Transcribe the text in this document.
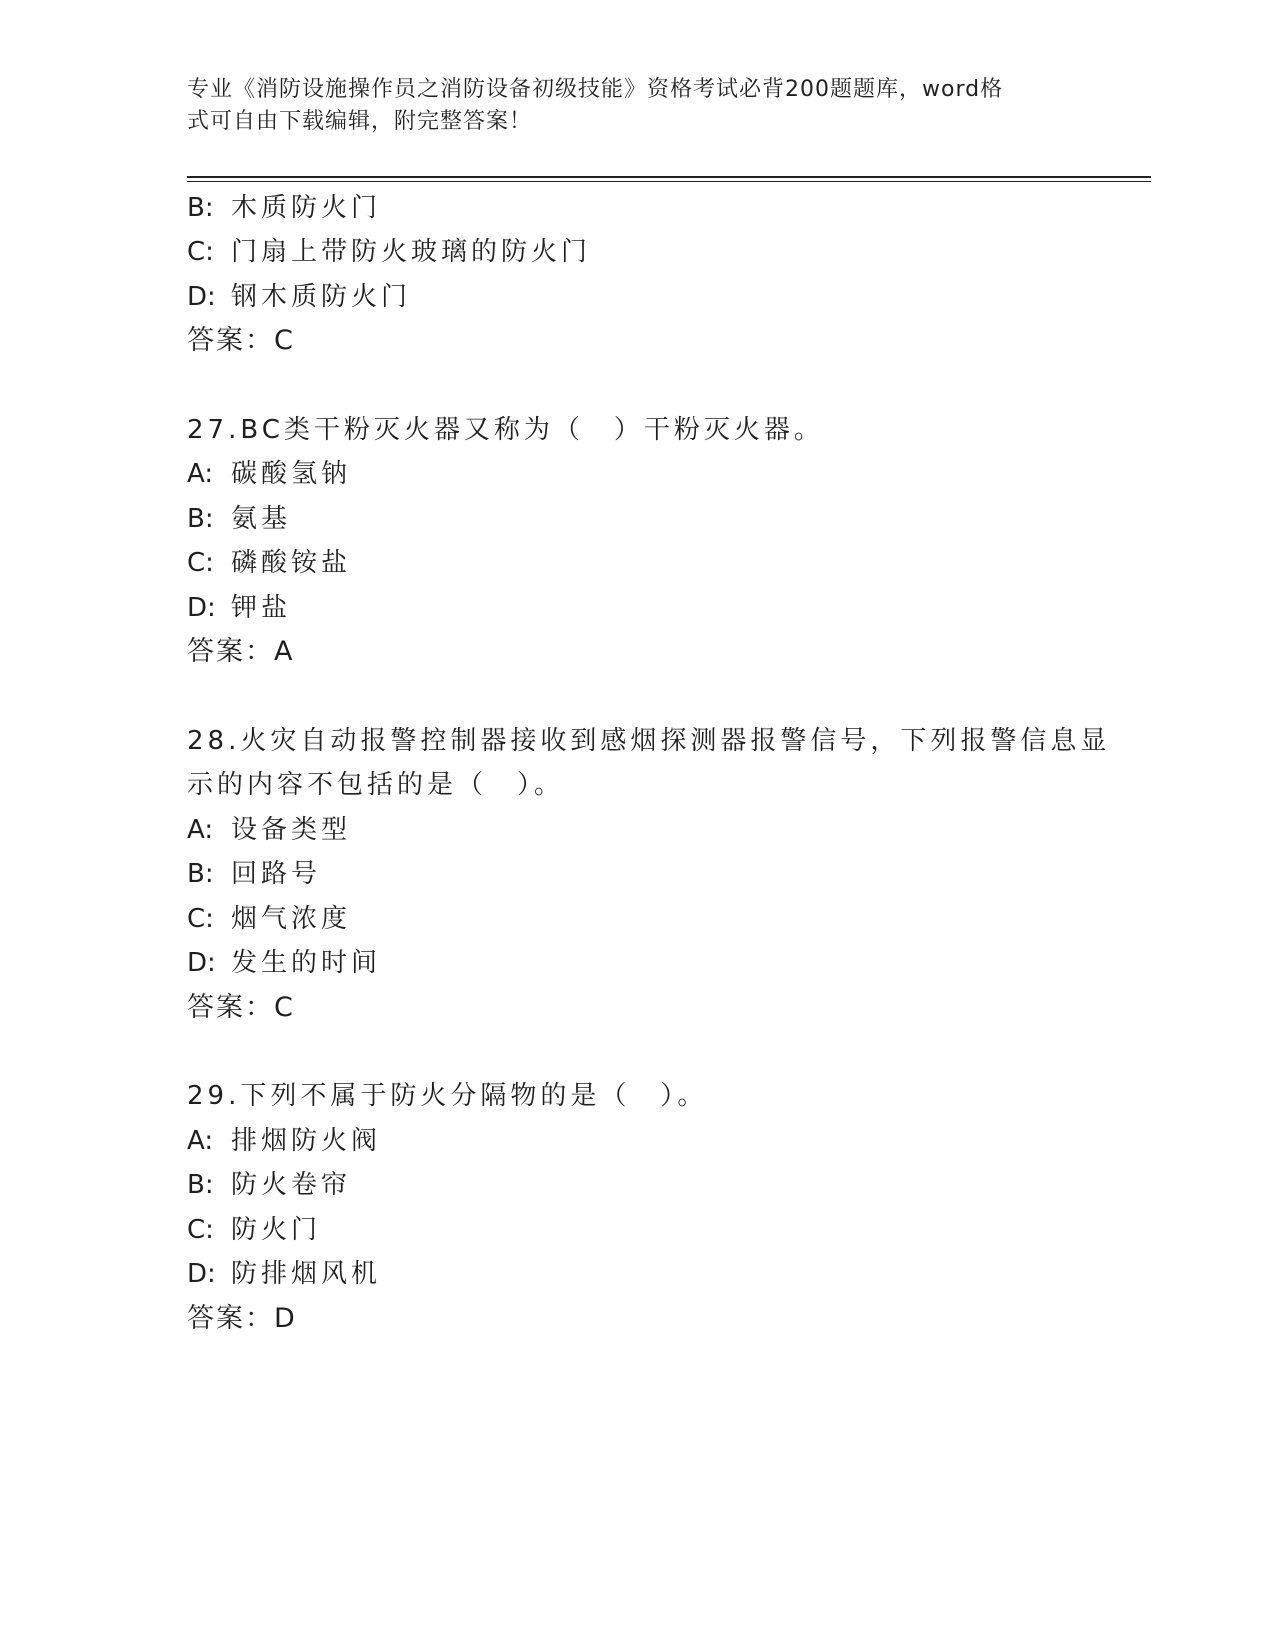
专业《消防设施操作员之消防设备初级技能》资格考试必背200题题库，word格
式可自由下载编辑，附完整答案！
B: 木质防火门
C: 门扇上带防火玻璃的防火门
D: 钢木质防火门
答案：C
27.BC类干粉灭火器又称为（　）干粉灭火器。
A: 碳酸氢钠
B: 氨基
C: 磷酸铵盐
D: 钾盐
答案：A
28.火灾自动报警控制器接收到感烟探测器报警信号，下列报警信息显
示的内容不包括的是（　）。
A: 设备类型
B: 回路号
C: 烟气浓度
D: 发生的时间
答案：C
29.下列不属于防火分隔物的是（　）。
A: 排烟防火阀
B: 防火卷帘
C: 防火门
D: 防排烟风机
答案：D
